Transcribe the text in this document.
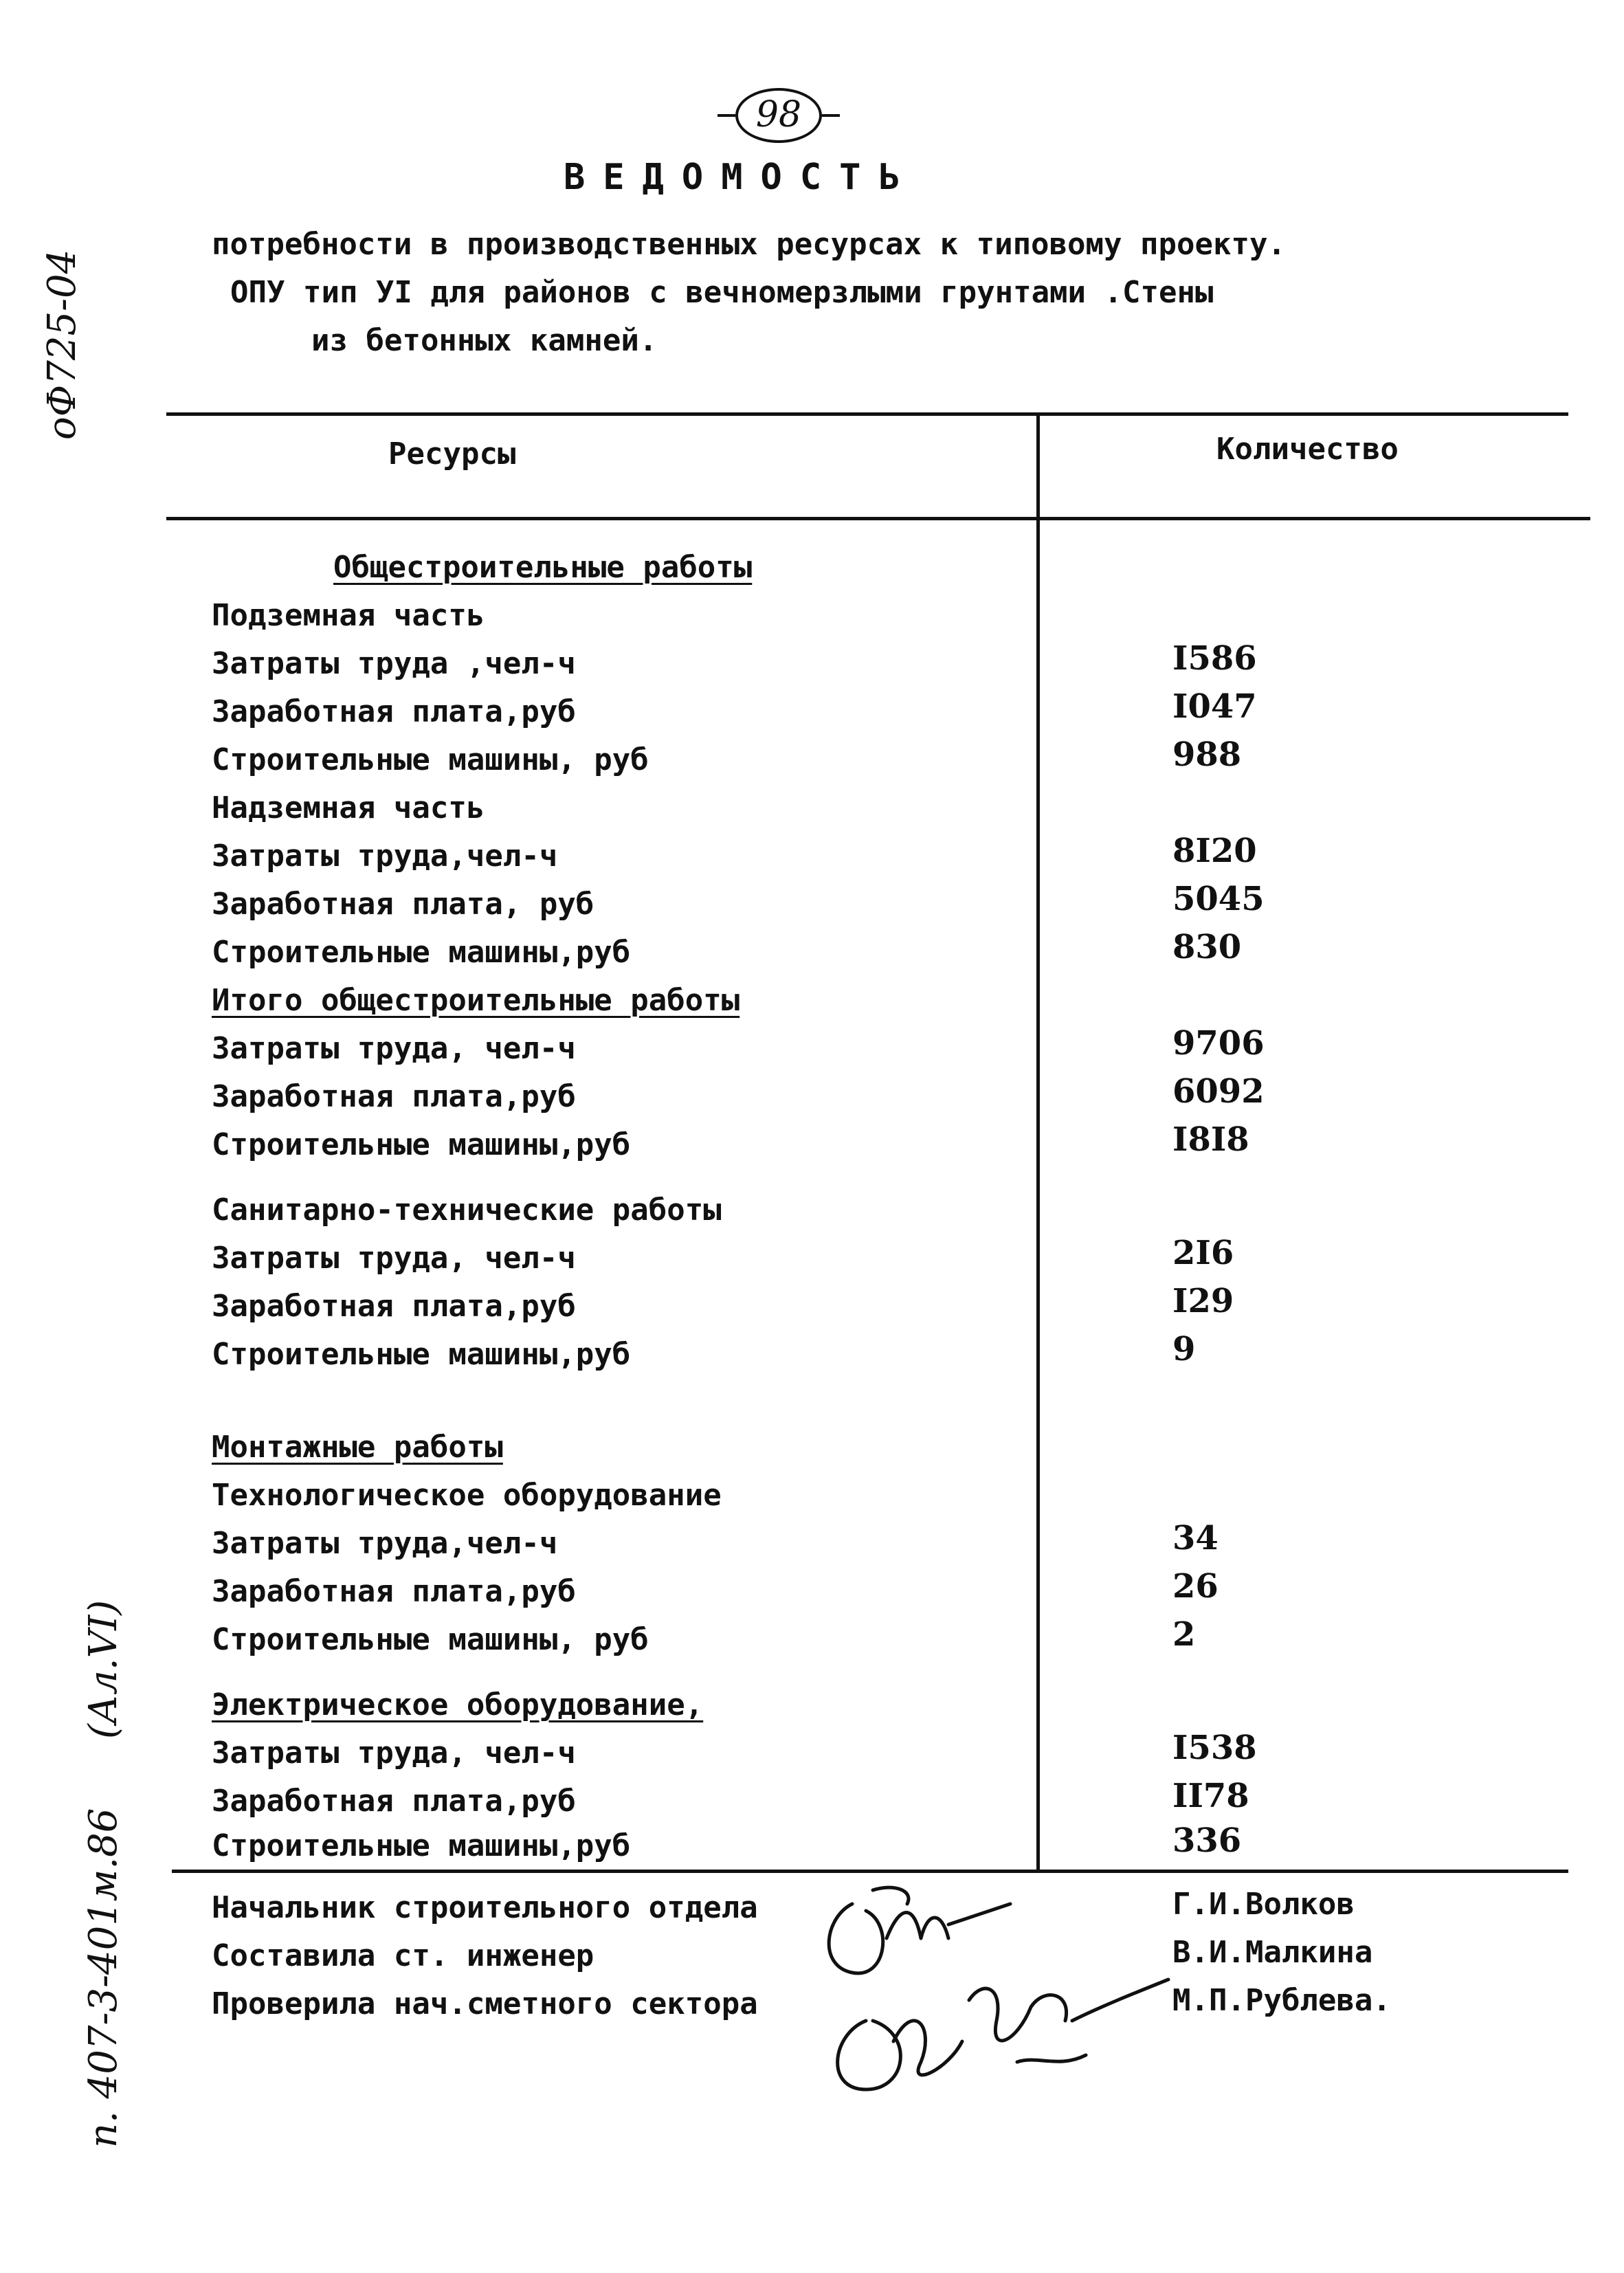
оФ725-04
п. 407-3-401м.86
(Ал.VI)
98
ВЕДОМОСТЬ
потребности в производственных ресурсах к типовому проекту.
ОПУ тип УI для районов с вечномерзлыми грунтами .Стены
из бетонных камней.
Ресурсы	Количество
Общестроительные работы
Подземная часть
Затраты труда ,чел-ч	I586
Заработная плата,руб	I047
Строительные машины, руб	988
Надземная часть
Затраты труда,чел-ч	8I20
Заработная плата, руб	5045
Строительные машины,руб	830
Итого общестроительные работы
Затраты труда, чел-ч	9706
Заработная плата,руб	6092
Строительные машины,руб	I8I8
Санитарно-технические работы
Затраты труда, чел-ч	2I6
Заработная плата,руб	I29
Строительные машины,руб	9
Монтажные работы
Технологическое оборудование
Затраты труда,чел-ч	34
Заработная плата,руб	26
Строительные машины, руб	2
Электрическое оборудование,
Затраты труда, чел-ч	I538
Заработная плата,руб	II78
Строительные машины,руб	336
Начальник строительного отдела	Г.И.Волков
Составила ст. инженер	В.И.Малкина
Проверила нач.сметного сектора	М.П.Рублева.
